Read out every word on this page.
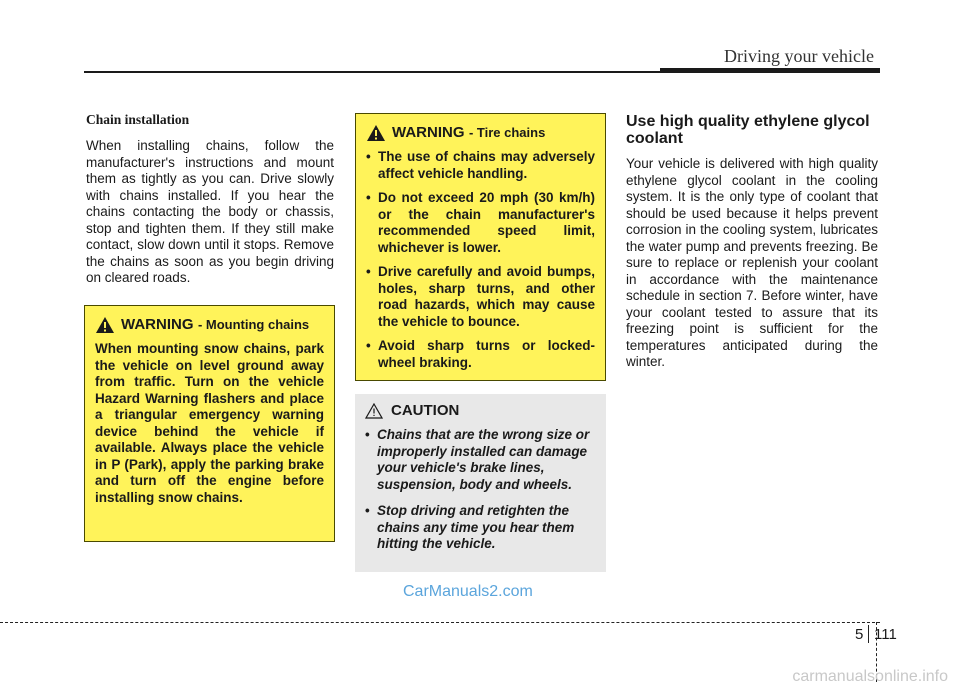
Driving your vehicle
Chain installation
When installing chains, follow the manufacturer's instructions and mount them as tightly as you can. Drive slowly with chains installed. If you hear the chains contacting the body or chassis, stop and tighten them. If they still make contact, slow down until it stops. Remove the chains as soon as you begin driving on cleared roads.
WARNING - Mounting chains
When mounting snow chains, park the vehicle on level ground away from traffic. Turn on the vehicle Hazard Warning flashers and place a triangular emergency warning device behind the vehicle if available. Always place the vehicle in P (Park), apply the parking brake and turn off the engine before installing snow chains.
WARNING - Tire chains
• The use of chains may adversely affect vehicle handling.
• Do not exceed 20 mph (30 km/h) or the chain manufacturer's recommended speed limit, whichever is lower.
• Drive carefully and avoid bumps, holes, sharp turns, and other road hazards, which may cause the vehicle to bounce.
• Avoid sharp turns or locked-wheel braking.
CAUTION
• Chains that are the wrong size or improperly installed can damage your vehicle's brake lines, suspension, body and wheels.
• Stop driving and retighten the chains any time you hear them hitting the vehicle.
Use high quality ethylene glycol coolant
Your vehicle is delivered with high quality ethylene glycol coolant in the cooling system. It is the only type of coolant that should be used because it helps prevent corrosion in the cooling system, lubricates the water pump and prevents freezing. Be sure to replace or replenish your coolant in accordance with the maintenance schedule in section 7. Before winter, have your coolant tested to assure that its freezing point is sufficient for the temperatures anticipated during the winter.
CarManuals2.com
5 111
carmanualsonline.info
